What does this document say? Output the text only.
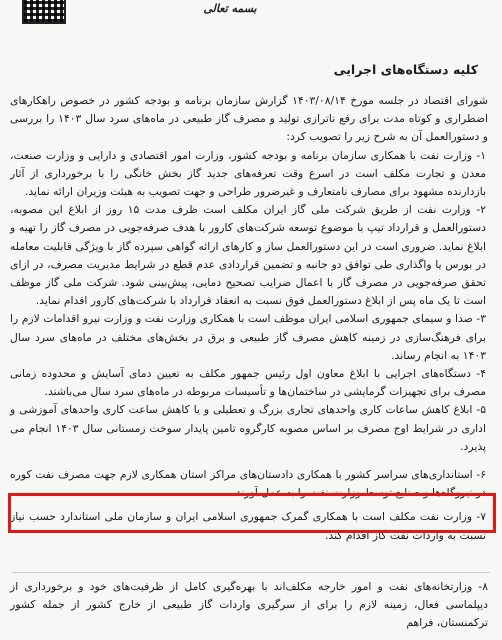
بسمه تعالی
کلیه دستگاه‌های اجرایی

شورای اقتصاد در جلسه مورخ ۱۴۰۳/۰۸/۱۴ گزارش سازمان برنامه و بودجه کشور در خصوص راهکارهای اضطراری و کوتاه مدت برای رفع ناترازی تولید و مصرف گاز طبیعی در ماه‌های سرد سال ۱۴۰۳ را بررسی و دستورالعمل آن به شرح زیر را تصویب کرد:

۱- وزارت نفت با همکاری سازمان برنامه و بودجه کشور، وزارت امور اقتصادی و دارایی و وزارت صنعت، معدن و تجارت مکلف است در اسرع وقت تعرفه‌های جدید گاز بخش خانگی را با برخورداری از آثار بازدارنده مشهود برای مصارف نامتعارف و غیرضرور طراحی و جهت تصویب به هیئت وزیران ارائه نماید.

۲- وزارت نفت از طریق شرکت ملی گاز ایران مکلف است ظرف مدت ۱۵ روز از ابلاغ این مصوبه، دستورالعمل و قرارداد تیپ با موضوع توسعه شرکت‌های کارور با هدف صرفه‌جویی در مصرف گاز را تهیه و ابلاغ نماید. ضروری است در این دستورالعمل ساز و کارهای ارائه گواهی سپرده گاز با ویژگی قابلیت معامله در بورس یا واگذاری طی توافق دو جانبه و تضمین قراردادی عدم قطع در شرایط مدیریت مصرف، در ازای تحقق صرفه‌جویی در مصرف گاز با اعمال ضرایب تصحیح دمایی، پیش‌بینی شود. شرکت ملی گاز موظف است تا یک ماه پس از ابلاغ دستورالعمل فوق نسبت به انعقاد قرارداد با شرکت‌های کارور اقدام نماید.

۳- صدا و سیمای جمهوری اسلامی ایران موظف است با همکاری وزارت نفت و وزارت نیرو اقدامات لازم را برای فرهنگ‌سازی در زمینه کاهش مصرف گاز طبیعی و برق در بخش‌های مختلف در ماه‌های سرد سال ۱۴۰۳ به انجام رساند.

۴- دستگاه‌های اجرایی با ابلاغ معاون اول رئیس جمهور مکلف به تعیین دمای آسایش و محدوده زمانی مصرف برای تجهیزات گرمایشی در ساختمان‌ها و تأسیسات مربوطه در ماه‌های سرد سال می‌باشند.

۵- ابلاغ کاهش ساعات کاری واحدهای تجاری بزرگ و تعطیلی و یا کاهش ساعت کاری واحدهای آموزشی و اداری در شرایط اوج مصرف بر اساس مصوبه کارگروه تامین پایدار سوخت زمستانی سال ۱۴۰۳ انجام می پذیرد.

۶- استانداری‌های سراسر کشور با همکاری دادستان‌های مراکز استان همکاری لازم جهت مصرف نفت کوره در نیروگاه‌ها و صنایع توسط وزارت نفت را به عمل آورند.

۷- وزارت نفت مکلف است با همکاری گمرک جمهوری اسلامی ایران و سازمان ملی استاندارد حسب نیاز نسبت به واردات نفت گاز اقدام کند.

۸- وزارتخانه‌های نفت و امور خارجه مکلف‌اند با بهره‌گیری کامل از ظرفیت‌های خود و برخورداری از دیپلماسی فعال، زمینه لازم را برای از سرگیری واردات گاز طبیعی از خارج کشور از جمله کشور ترکمنستان، فراهم
